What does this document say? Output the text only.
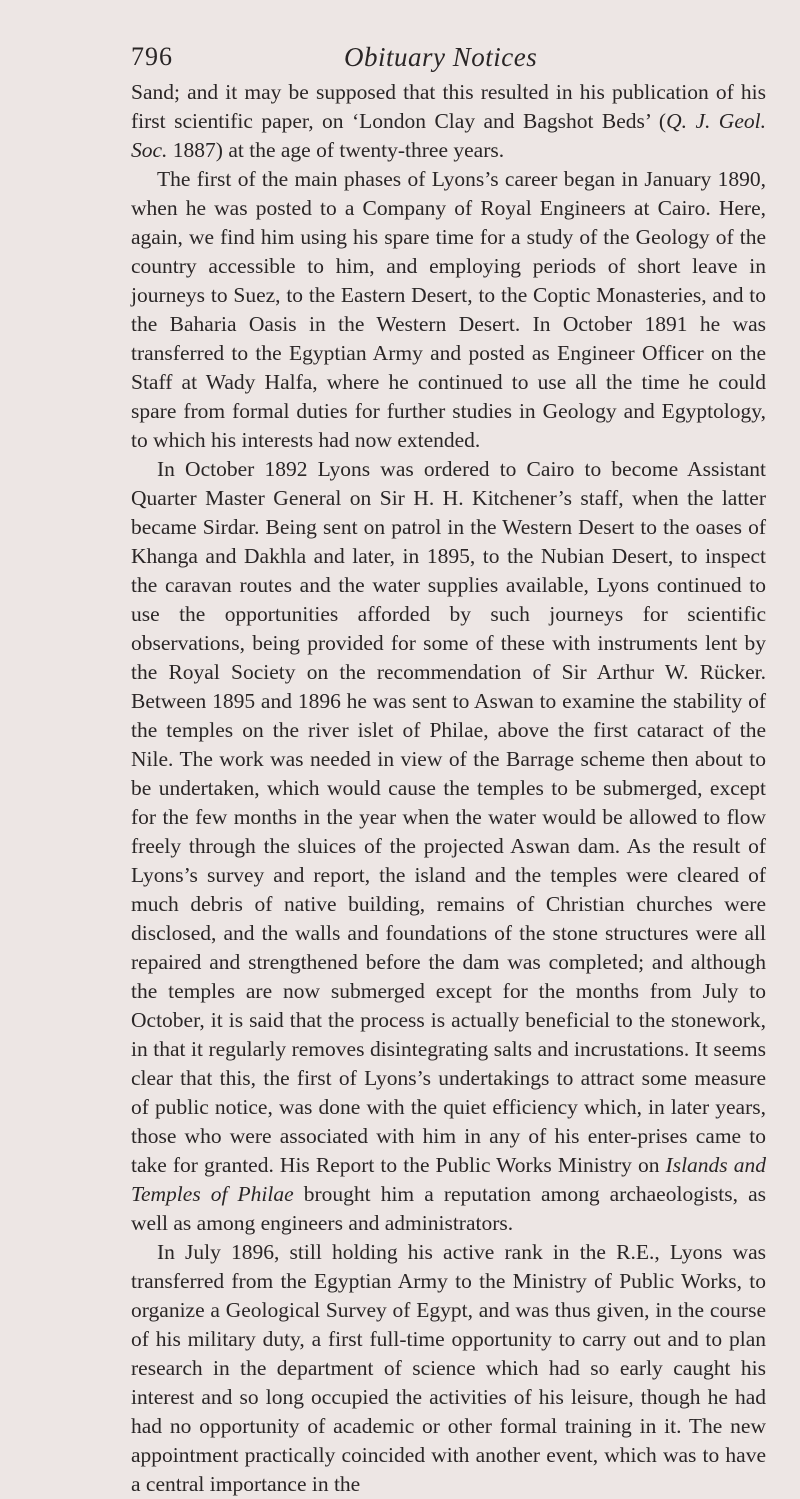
796	Obituary Notices

Sand; and it may be supposed that this resulted in his publication of his first scientific paper, on ‘London Clay and Bagshot Beds’ (Q. J. Geol. Soc. 1887) at the age of twenty-three years.

The first of the main phases of Lyons’s career began in January 1890, when he was posted to a Company of Royal Engineers at Cairo. Here, again, we find him using his spare time for a study of the Geology of the country accessible to him, and employing periods of short leave in journeys to Suez, to the Eastern Desert, to the Coptic Monasteries, and to the Baharia Oasis in the Western Desert. In October 1891 he was transferred to the Egyptian Army and posted as Engineer Officer on the Staff at Wady Halfa, where he continued to use all the time he could spare from formal duties for further studies in Geology and Egyptology, to which his interests had now extended.

In October 1892 Lyons was ordered to Cairo to become Assistant Quarter Master General on Sir H. H. Kitchener’s staff, when the latter became Sirdar. Being sent on patrol in the Western Desert to the oases of Khanga and Dakhla and later, in 1895, to the Nubian Desert, to inspect the caravan routes and the water supplies available, Lyons continued to use the opportunities afforded by such journeys for scientific observations, being provided for some of these with instruments lent by the Royal Society on the recommendation of Sir Arthur W. Rücker. Between 1895 and 1896 he was sent to Aswan to examine the stability of the temples on the river islet of Philae, above the first cataract of the Nile. The work was needed in view of the Barrage scheme then about to be undertaken, which would cause the temples to be submerged, except for the few months in the year when the water would be allowed to flow freely through the sluices of the projected Aswan dam. As the result of Lyons’s survey and report, the island and the temples were cleared of much debris of native building, remains of Christian churches were disclosed, and the walls and foundations of the stone structures were all repaired and strengthened before the dam was completed; and although the temples are now submerged except for the months from July to October, it is said that the process is actually beneficial to the stonework, in that it regularly removes disintegrating salts and incrustations. It seems clear that this, the first of Lyons’s undertakings to attract some measure of public notice, was done with the quiet efficiency which, in later years, those who were associated with him in any of his enter-prises came to take for granted. His Report to the Public Works Ministry on Islands and Temples of Philae brought him a reputation among archaeologists, as well as among engineers and administrators.

In July 1896, still holding his active rank in the R.E., Lyons was transferred from the Egyptian Army to the Ministry of Public Works, to organize a Geological Survey of Egypt, and was thus given, in the course of his military duty, a first full-time opportunity to carry out and to plan research in the department of science which had so early caught his interest and so long occupied the activities of his leisure, though he had had no opportunity of academic or other formal training in it. The new appointment practically coincided with another event, which was to have a central importance in the
